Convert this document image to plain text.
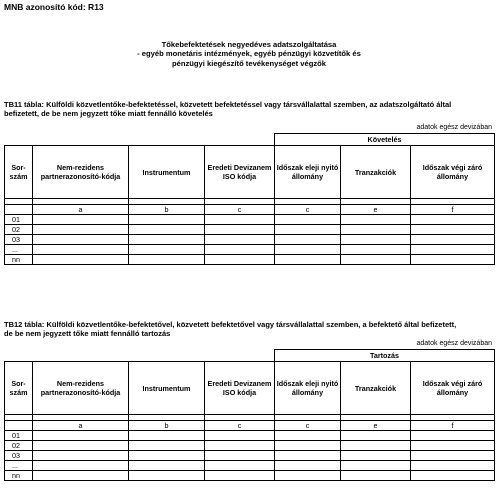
MNB azonosító kód: R13
Tőkebefektetések negyedéves adatszolgáltatása
- egyéb monetáris intézmények, egyéb pénzügyi közvetítők és
pénzügyi kiegészítő tevékenységet végzők
TB11 tábla: Külföldi közvetlentőke-befektetéssel, közvetett befektetéssel vagy társvállalattal szemben, az adatszolgáltató által
befizetett, de be nem jegyzett tőke miatt fennálló követelés
adatok egész devizában
				Követelés		
Sor-
szám	Nem-rezidens partnerazonosító-kódja	Instrumentum	Eredeti Devizanem ISO kódja	Időszak eleji nyitó állomány	Tranzakciók	Időszak végi záró állomány

	a	b	c	c	e	f
01						
02						
03						
...						
nn						
TB12 tábla: Külföldi közvetlentőke-befektetővel, közvetett befektetővel vagy társvállalattal szemben, a befektető által befizetett,
de be nem jegyzett tőke miatt fennálló tartozás
adatok egész devizában
				Tartozás		
Sor-
szám	Nem-rezidens partnerazonosító-kódja	Instrumentum	Eredeti Devizanem ISO kódja	Időszak eleji nyitó állomány	Tranzakciók	Időszak végi záró állomány

	a	b	c	c	e	f
01						
02						
03						
...						
nn						
